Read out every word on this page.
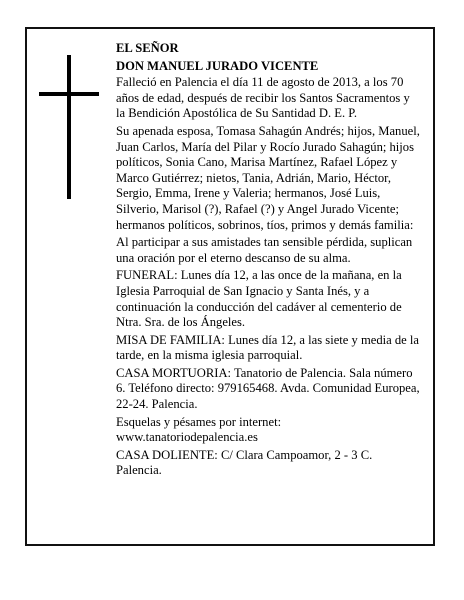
EL SEÑOR

DON MANUEL JURADO VICENTE

Falleció en Palencia el día 11 de agosto de 2013, a los 70 años de edad, después de recibir los Santos Sacramentos y la Bendición Apostólica de Su Santidad D. E. P.

Su apenada esposa, Tomasa Sahagún Andrés; hijos, Manuel, Juan Carlos, María del Pilar y Rocío Jurado Sahagún; hijos políticos, Sonia Cano, Marisa Martínez, Rafael López y Marco Gutiérrez; nietos, Tania, Adrián, Mario, Héctor, Sergio, Emma, Irene y Valeria; hermanos, José Luis, Silverio, Marisol (?), Rafael (?) y Angel Jurado Vicente; hermanos políticos, sobrinos, tíos, primos y demás familia:

Al participar a sus amistades tan sensible pérdida, suplican una oración por el eterno descanso de su alma.

FUNERAL: Lunes día 12, a las once de la mañana, en la Iglesia Parroquial de San Ignacio y Santa Inés, y a continuación la conducción del cadáver al cementerio de Ntra. Sra. de los Ángeles.

MISA DE FAMILIA: Lunes día 12, a las siete y media de la tarde, en la misma iglesia parroquial.

CASA MORTUORIA: Tanatorio de Palencia. Sala número 6. Teléfono directo: 979165468. Avda. Comunidad Europea, 22-24. Palencia.

Esquelas y pésames por internet: www.tanatoriodepalencia.es

CASA DOLIENTE: C/ Clara Campoamor, 2 - 3 C. Palencia.
